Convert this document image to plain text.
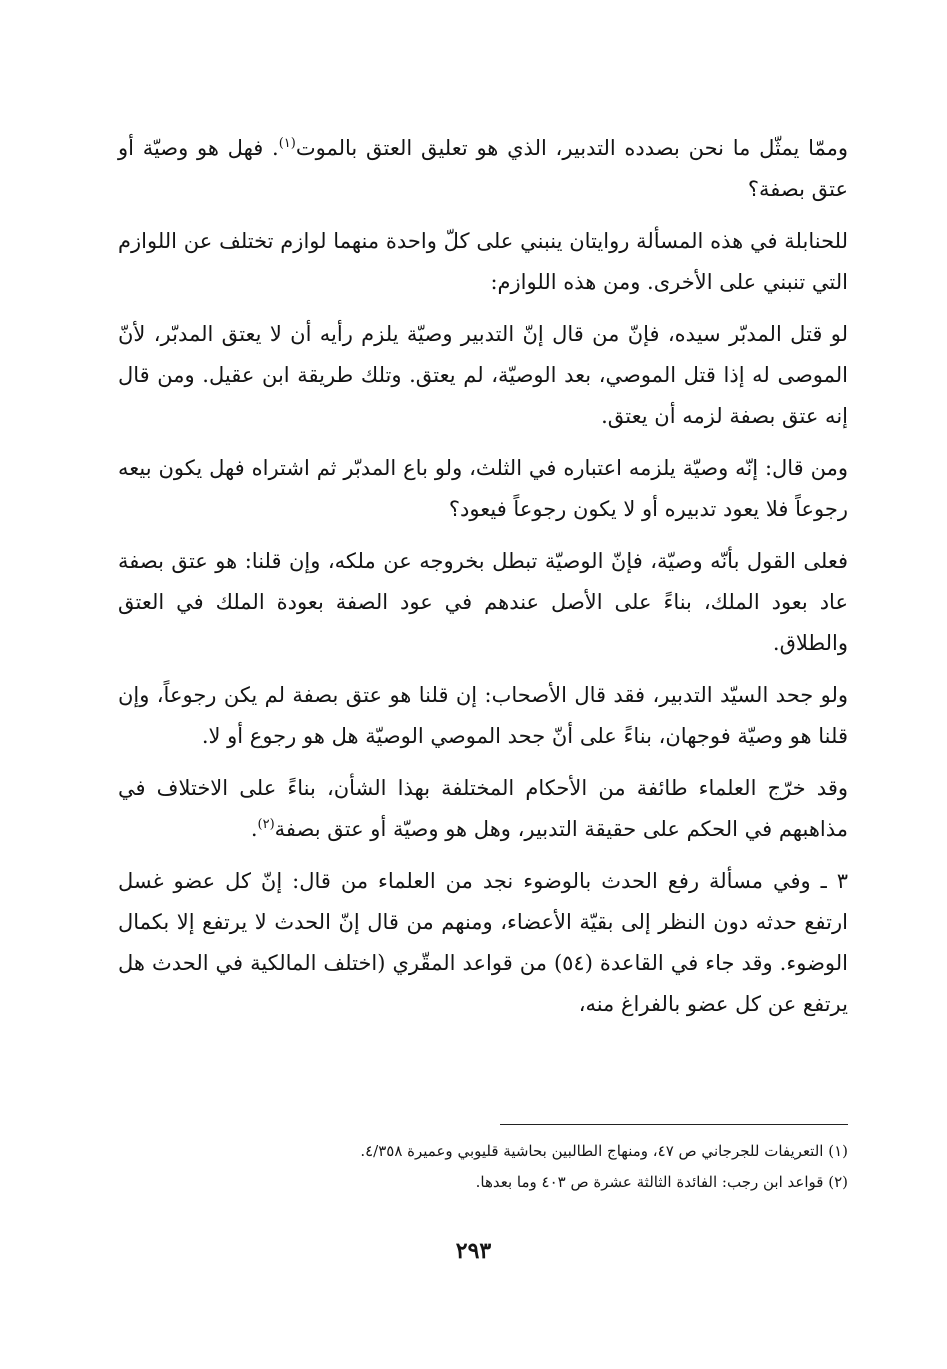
وممّا يمثّل ما نحن بصدده التدبير، الذي هو تعليق العتق بالموت$^{(١)}$. فهل هو وصيّة أو عتق بصفة؟

للحنابلة في هذه المسألة روايتان ينبني على كلّ واحدة منهما لوازم تختلف عن اللوازم التي تنبني على الأخرى. ومن هذه اللوازم:

لو قتل المدبّر سيده، فإنّ من قال إنّ التدبير وصيّة يلزم رأيه أن لا يعتق المدبّر، لأنّ الموصى له إذا قتل الموصي، بعد الوصيّة، لم يعتق. وتلك طريقة ابن عقيل. ومن قال إنه عتق بصفة لزمه أن يعتق.

ومن قال: إنّه وصيّة يلزمه اعتباره في الثلث، ولو باع المدبّر ثم اشتراه فهل يكون بيعه رجوعاً فلا يعود تدبيره أو لا يكون رجوعاً فيعود؟

فعلى القول بأنّه وصيّة، فإنّ الوصيّة تبطل بخروجه عن ملكه، وإن قلنا: هو عتق بصفة عاد بعود الملك، بناءً على الأصل عندهم في عود الصفة بعودة الملك في العتق والطلاق.

ولو جحد السيّد التدبير، فقد قال الأصحاب: إن قلنا هو عتق بصفة لم يكن رجوعاً، وإن قلنا هو وصيّة فوجهان، بناءً على أنّ جحد الموصي الوصيّة هل هو رجوع أو لا.

وقد خرّج العلماء طائفة من الأحكام المختلفة بهذا الشأن، بناءً على الاختلاف في مذاهبهم في الحكم على حقيقة التدبير، وهل هو وصيّة أو عتق بصفة$^{(٢)}$.

٣ ـ وفي مسألة رفع الحدث بالوضوء نجد من العلماء من قال: إنّ كل عضو غسل ارتفع حدثه دون النظر إلى بقيّة الأعضاء، ومنهم من قال إنّ الحدث لا يرتفع إلا بكمال الوضوء. وقد جاء في القاعدة (٥٤) من قواعد المقّري (اختلف المالكية في الحدث هل يرتفع عن كل عضو بالفراغ منه،

(١) التعريفات للجرجاني ص ٤٧، ومنهاج الطالبين بحاشية قليوبي وعميرة ٤/٣٥٨.

(٢) قواعد ابن رجب: الفائدة الثالثة عشرة ص ٤٠٣ وما بعدها.

٢٩٣
